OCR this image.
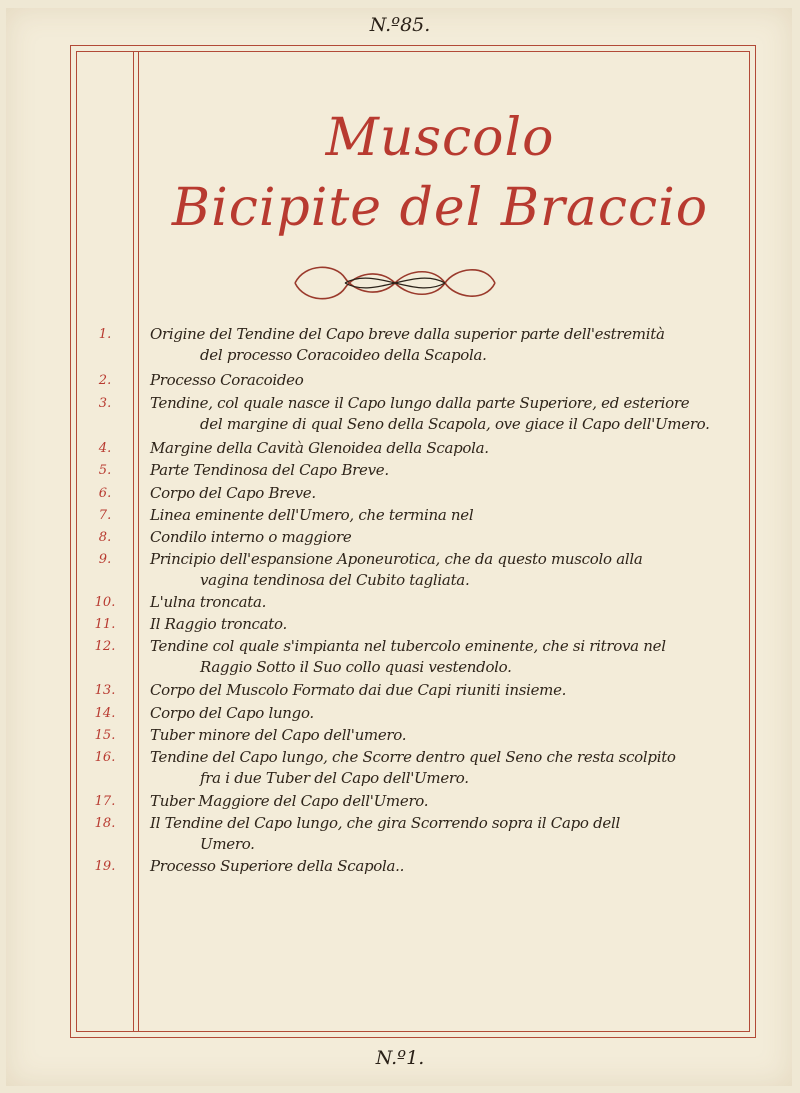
N.º85.
Muscolo
Bicipite del Braccio
1.	Origine del Tendine del Capo breve dalla superior parte dell'estremità
del processo Coracoideo della Scapola.
2.	Processo Coracoideo
3.	Tendine, col quale nasce il Capo lungo dalla parte Superiore, ed esteriore
del margine di qual Seno della Scapola, ove giace il Capo dell'Umero.
4.	Margine della Cavità Glenoidea della Scapola.
5.	Parte Tendinosa del Capo Breve.
6.	Corpo del Capo Breve.
7.	Linea eminente dell'Umero, che termina nel
8.	Condilo interno o maggiore
9.	Principio dell'espansione Aponeurotica, che da questo muscolo alla
vagina tendinosa del Cubito tagliata.
10.	L'ulna troncata.
11.	Il Raggio troncato.
12.	Tendine col quale s'impianta nel tubercolo eminente, che si ritrova nel
Raggio Sotto il Suo collo quasi vestendolo.
13.	Corpo del Muscolo Formato dai due Capi riuniti insieme.
14.	Corpo del Capo lungo.
15.	Tuber minore del Capo dell'umero.
16.	Tendine del Capo lungo, che Scorre dentro quel Seno che resta scolpito
fra i due Tuber del Capo dell'Umero.
17.	Tuber Maggiore del Capo dell'Umero.
18.	Il Tendine del Capo lungo, che gira Scorrendo sopra il Capo dell
Umero.
19.	Processo Superiore della Scapola..
N.º1.
